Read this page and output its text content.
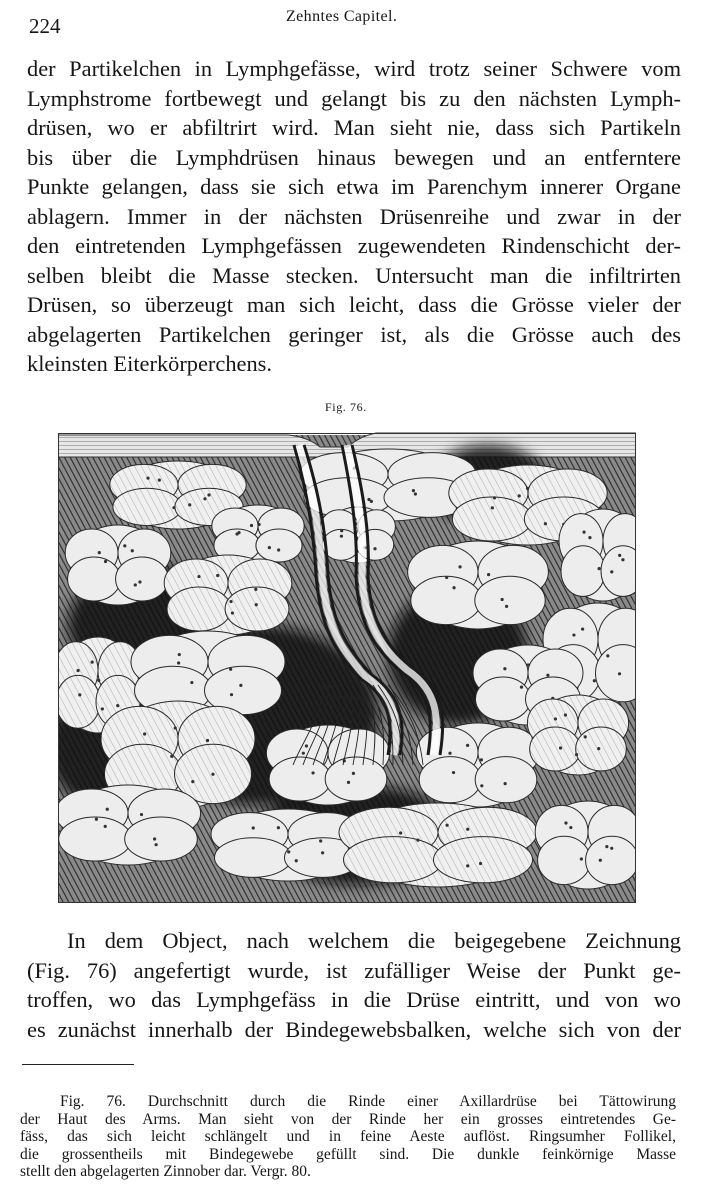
224	Zehntes Capitel.
der Partikelchen in Lymphgefässe, wird trotz seiner Schwere vom
Lymphstrome fortbewegt und gelangt bis zu den nächsten Lymph-
drüsen, wo er abfiltrirt wird. Man sieht nie, dass sich Partikeln
bis über die Lymphdrüsen hinaus bewegen und an entferntere
Punkte gelangen, dass sie sich etwa im Parenchym innerer Organe
ablagern. Immer in der nächsten Drüsenreihe und zwar in der
den eintretenden Lymphgefässen zugewendeten Rindenschicht der-
selben bleibt die Masse stecken. Untersucht man die infiltrirten
Drüsen, so überzeugt man sich leicht, dass die Grösse vieler der
abgelagerten Partikelchen geringer ist, als die Grösse auch des
kleinsten Eiterkörperchens.
Fig. 76.
In dem Object, nach welchem die beigegebene Zeichnung
(Fig. 76) angefertigt wurde, ist zufälliger Weise der Punkt ge-
troffen, wo das Lymphgefäss in die Drüse eintritt, und von wo
es zunächst innerhalb der Bindegewebsbalken, welche sich von der
Fig. 76. Durchschnitt durch die Rinde einer Axillardrüse bei Tättowirung
der Haut des Arms. Man sieht von der Rinde her ein grosses eintretendes Ge-
fäss, das sich leicht schlängelt und in feine Aeste auflöst. Ringsumher Follikel,
die grossentheils mit Bindegewebe gefüllt sind. Die dunkle feinkörnige Masse
stellt den abgelagerten Zinnober dar. Vergr. 80.
